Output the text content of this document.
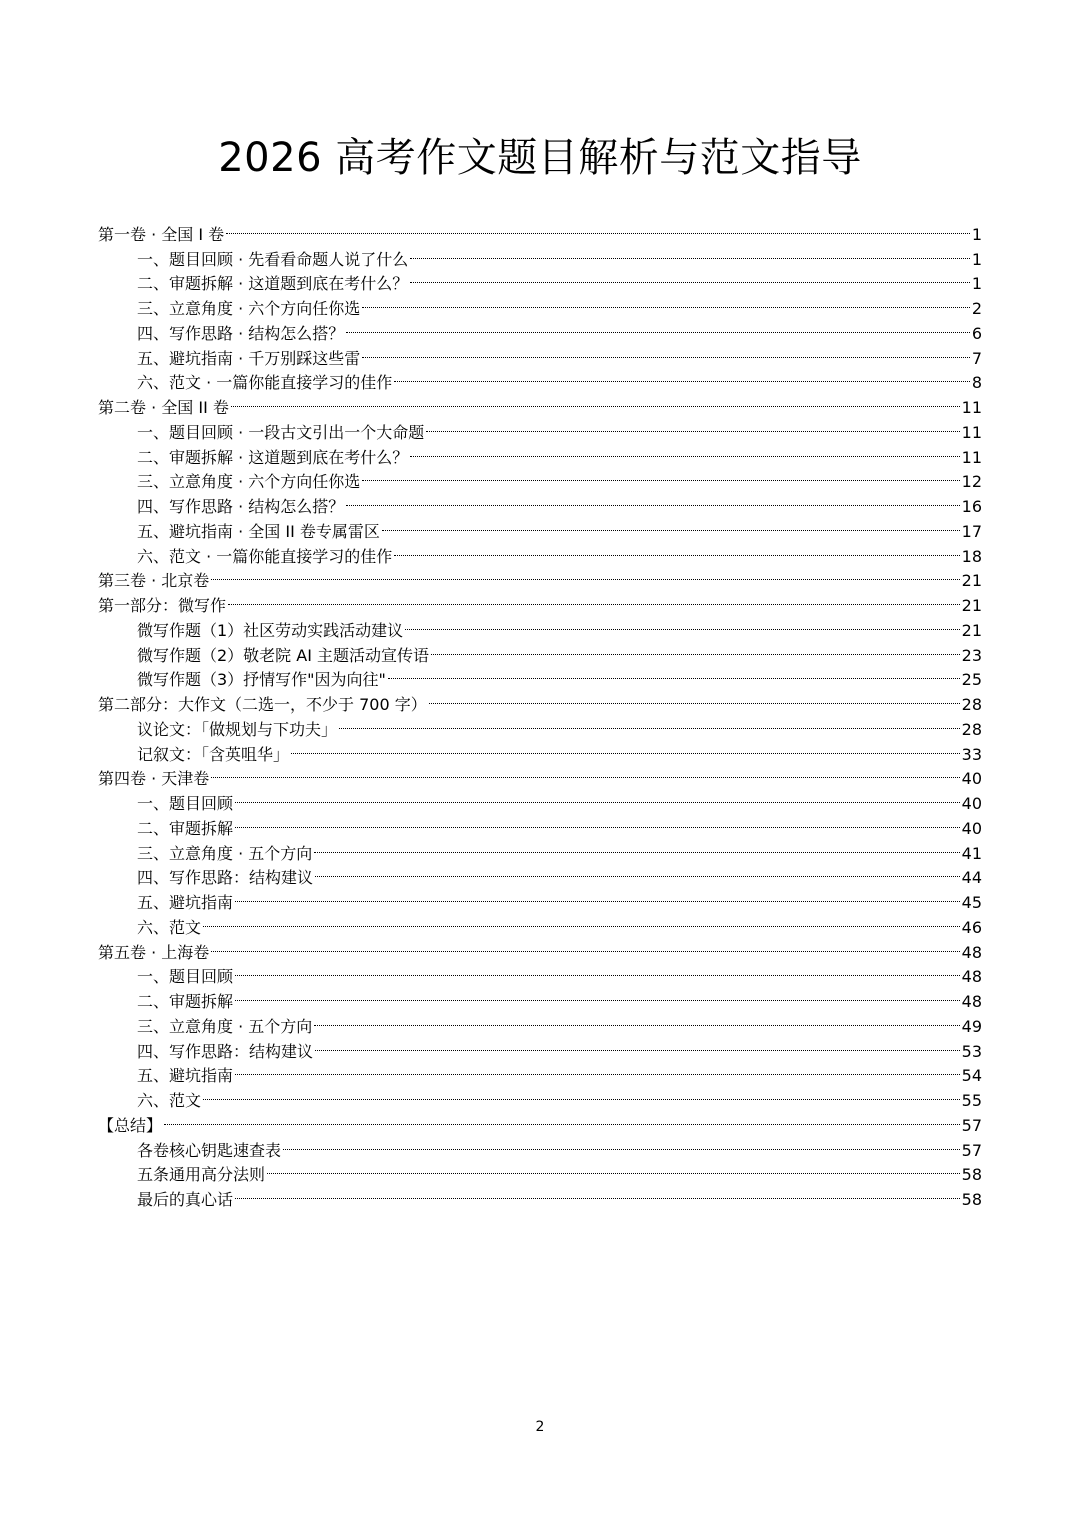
2026 高考作文题目解析与范文指导
第一卷 · 全国 I 卷	1
一、题目回顾 · 先看看命题人说了什么	1
二、审题拆解 · 这道题到底在考什么？	1
三、立意角度 · 六个方向任你选	2
四、写作思路 · 结构怎么搭？	6
五、避坑指南 · 千万别踩这些雷	7
六、范文 · 一篇你能直接学习的佳作	8
第二卷 · 全国 II 卷	11
一、题目回顾 · 一段古文引出一个大命题	11
二、审题拆解 · 这道题到底在考什么？	11
三、立意角度 · 六个方向任你选	12
四、写作思路 · 结构怎么搭？	16
五、避坑指南 · 全国 II 卷专属雷区	17
六、范文 · 一篇你能直接学习的佳作	18
第三卷 · 北京卷	21
第一部分：微写作	21
微写作题（1）社区劳动实践活动建议	21
微写作题（2）敬老院 AI 主题活动宣传语	23
微写作题（3）抒情写作"因为向往"	25
第二部分：大作文（二选一，不少于 700 字）	28
议论文：「做规划与下功夫」	28
记叙文：「含英咀华」	33
第四卷 · 天津卷	40
一、题目回顾	40
二、审题拆解	40
三、立意角度 · 五个方向	41
四、写作思路：结构建议	44
五、避坑指南	45
六、范文	46
第五卷 · 上海卷	48
一、题目回顾	48
二、审题拆解	48
三、立意角度 · 五个方向	49
四、写作思路：结构建议	53
五、避坑指南	54
六、范文	55
【总结】	57
各卷核心钥匙速查表	57
五条通用高分法则	58
最后的真心话	58
2
